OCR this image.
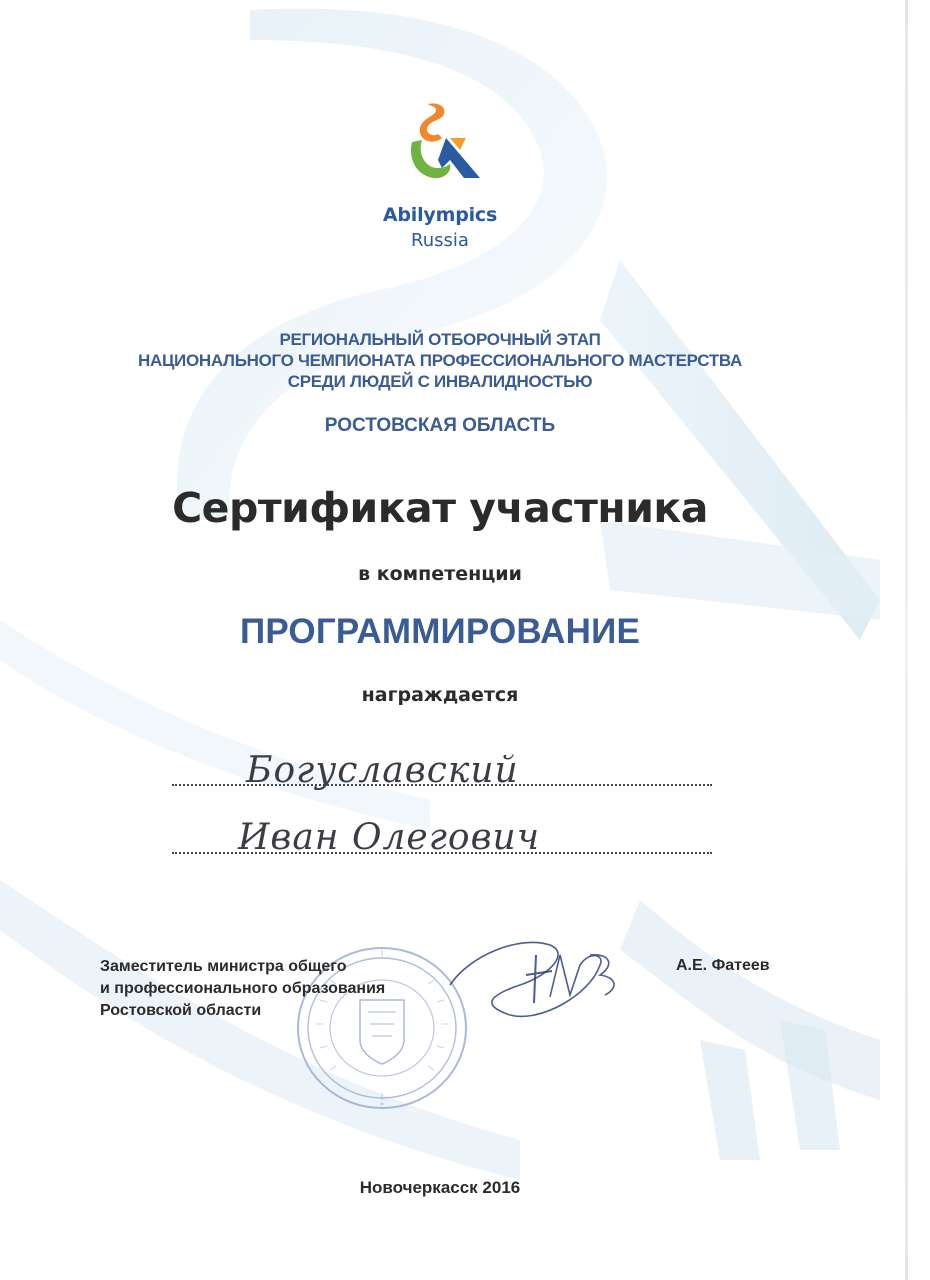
Abilympics
Russia
РЕГИОНАЛЬНЫЙ ОТБОРОЧНЫЙ ЭТАП
НАЦИОНАЛЬНОГО ЧЕМПИОНАТА ПРОФЕССИОНАЛЬНОГО МАСТЕРСТВА
СРЕДИ ЛЮДЕЙ С ИНВАЛИДНОСТЬЮ
РОСТОВСКАЯ ОБЛАСТЬ
Сертификат участника
в компетенции
ПРОГРАММИРОВАНИЕ
награждается
Богуславский
Иван Олегович
*
Заместитель министра общего
и профессионального образования
Ростовской области
А.Е. Фатеев
Новочеркасск 2016
